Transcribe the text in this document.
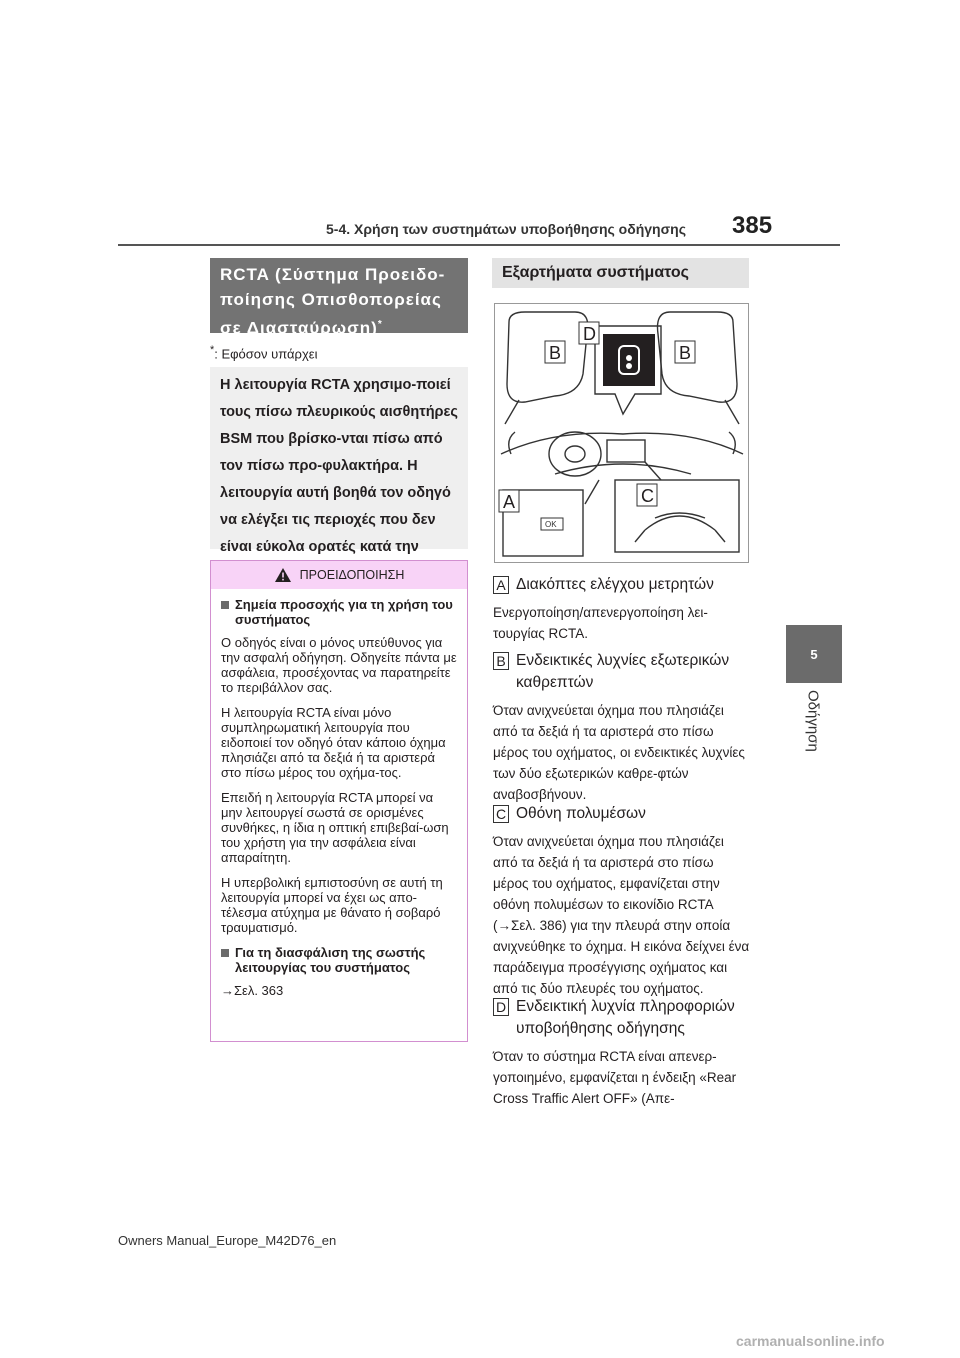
5-4. Χρήση των συστημάτων υποβοήθησης οδήγησης 385
5
Οδήγηση
RCTA (Σύστημα Προειδο-
ποίησης Οπισθοπορείας
σε Διασταύρωση)*
*: Εφόσον υπάρχει
Η λειτουργία RCTA χρησιμο-ποιεί τους πίσω πλευρικούς αισθητήρες BSM που βρίσκο-νται πίσω από τον πίσω προ-φυλακτήρα. Η λειτουργία αυτή βοηθά τον οδηγό να ελέγξει τις περιοχές που δεν είναι εύκολα ορατές κατά την
ΠΡΟΕΙΔΟΠΟΙΗΣΗ
Σημεία προσοχής για τη χρήση του συστήματος

Ο οδηγός είναι ο μόνος υπεύθυνος για την ασφαλή οδήγηση. Οδηγείτε πάντα με ασφάλεια, προσέχοντας να παρατηρείτε το περιβάλλον σας.

Η λειτουργία RCTA είναι μόνο συμπληρωματική λειτουργία που ειδοποιεί τον οδηγό όταν κάποιο όχημα πλησιάζει από τα δεξιά ή τα αριστερά στο πίσω μέρος του οχήμα-τος.

Επειδή η λειτουργία RCTA μπορεί να μην λειτουργεί σωστά σε ορισμένες συνθήκες, η ίδια η οπτική επιβεβαί-ωση του χρήστη για την ασφάλεια είναι απαραίτητη.

Η υπερβολική εμπιστοσύνη σε αυτή τη λειτουργία μπορεί να έχει ως απο-τέλεσμα ατύχημα με θάνατο ή σοβαρό τραυματισμό.

Για τη διασφάλιση της σωστής λειτουργίας του συστήματος

→Σελ. 363

Εξαρτήματα συστήματος
OK
B	B
D
A	C
A Διακόπτες ελέγχου μετρητών
Ενεργοποίηση/απενεργοποίηση λει-τουργίας RCTA.
B Ενδεικτικές λυχνίες εξωτερικών καθρεπτών
Όταν ανιχνεύεται όχημα που πλησιάζει από τα δεξιά ή τα αριστερά στο πίσω μέρος του οχήματος, οι ενδεικτικές λυχνίες των δύο εξωτερικών καθρε-φτών αναβοσβήνουν.
C Οθόνη πολυμέσων
Όταν ανιχνεύεται όχημα που πλησιάζει από τα δεξιά ή τα αριστερά στο πίσω μέρος του οχήματος, εμφανίζεται στην οθόνη πολυμέσων το εικονίδιο RCTA (→Σελ. 386) για την πλευρά στην οποία ανιχνεύθηκε το όχημα. Η εικόνα δείχνει ένα παράδειγμα προσέγγισης οχήματος και από τις δύο πλευρές του οχήματος.
D Ενδεικτική λυχνία πληροφοριών υποβοήθησης οδήγησης
Όταν το σύστημα RCTA είναι απενερ-γοποιημένο, εμφανίζεται η ένδειξη «Rear Cross Traffic Alert OFF» (Απε-
Owners Manual_Europe_M42D76_en
carmanualsonline.info
